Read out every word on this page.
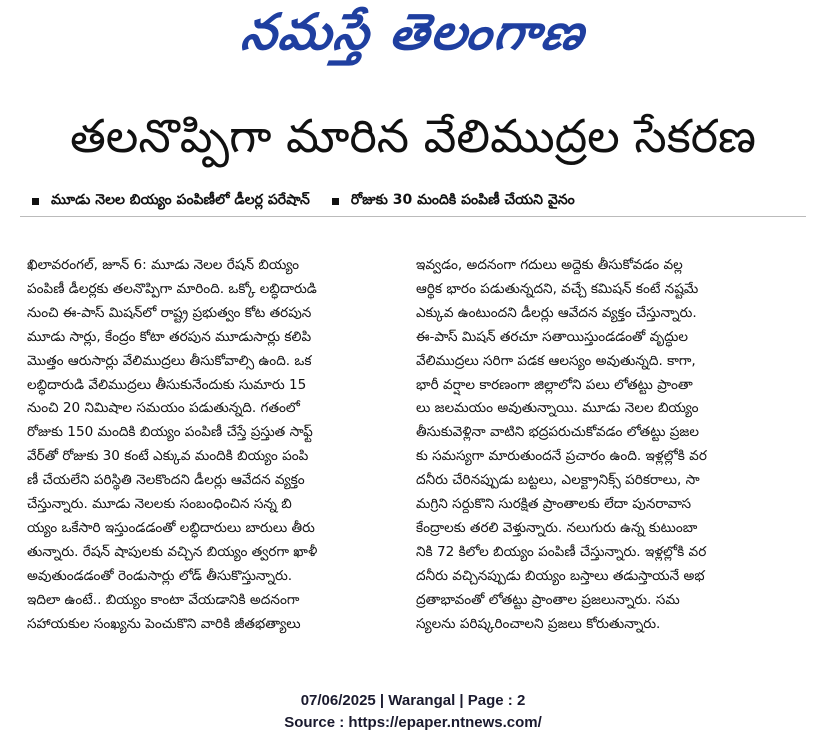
నమస్తే తెలంగాణ
తలనొప్పిగా మారిన వేలిముద్రల సేకరణ
మూడు నెలల బియ్యం పంపిణీలో డీలర్ల పరేషాన్	రోజుకు 30 మందికి పంపిణీ చేయని వైనం

ఖిలావరంగల్, జూన్ 6: మూడు నెలల రేషన్ బియ్యం

పంపిణీ డీలర్లకు తలనొప్పిగా మారింది. ఒక్కో లబ్ధిదారుడి

నుంచి ఈ-పాస్ మిషన్‌లో రాష్ట్ర ప్రభుత్వం కోట తరపున

మూడు సార్లు, కేంద్రం కోటా తరపున మూడుసార్లు కలిపి

మొత్తం ఆరుసార్లు వేలిముద్రలు తీసుకోవాల్సి ఉంది. ఒక

లబ్ధిదారుడి వేలిముద్రలు తీసుకునేందుకు సుమారు 15

నుంచి 20 నిమిషాల సమయం పడుతున్నది. గతంలో

రోజుకు 150 మందికి బియ్యం పంపిణీ చేస్తే ప్రస్తుత సాఫ్ట్

వేర్‌తో రోజుకు 30 కంటే ఎక్కువ మందికి బియ్యం పంపి

ణీ చేయలేని పరిస్థితి నెలకొందని డీలర్లు ఆవేదన వ్యక్తం

చేస్తున్నారు. మూడు నెలలకు సంబంధించిన సన్న బి

య్యం ఒకేసారి ఇస్తుండడంతో లబ్ధిదారులు బారులు తీరు

తున్నారు. రేషన్ షాపులకు వచ్చిన బియ్యం త్వరగా ఖాళీ

అవుతుండడంతో రెండుసార్లు లోడ్ తీసుకొస్తున్నారు.

ఇదిలా ఉంటే.. బియ్యం కాంటా వేయడానికి అదనంగా

సహాయకుల సంఖ్యను పెంచుకొని వారికి జీతభత్యాలు

ఇవ్వడం, అదనంగా గదులు అద్దెకు తీసుకోవడం వల్ల

ఆర్థిక భారం పడుతున్నదని, వచ్చే కమిషన్ కంటే నష్టమే

ఎక్కువ ఉంటుందని డీలర్లు ఆవేదన వ్యక్తం చేస్తున్నారు.

ఈ-పాస్ మిషన్ తరచూ సతాయిస్తుండడంతో వృద్ధుల

వేలిముద్రలు సరిగా పడక ఆలస్యం అవుతున్నది. కాగా,

భారీ వర్షాల కారణంగా జిల్లాలోని పలు లోతట్టు ప్రాంతా

లు జలమయం అవుతున్నాయి. మూడు నెలల బియ్యం

తీసుకువెళ్లినా వాటిని భద్రపరుచుకోవడం లోతట్టు ప్రజల

కు సమస్యగా మారుతుందనే ప్రచారం ఉంది. ఇళ్లల్లోకి వర

దనీరు చేరినప్పుడు బట్టలు, ఎలక్ట్రానిక్స్ పరికరాలు, సా

మగ్రిని సర్దుకొని సురక్షిత ప్రాంతాలకు లేదా పునరావాస

కేంద్రాలకు తరలి వెళ్తున్నారు. నలుగురు ఉన్న కుటుంబా

నికి 72 కిలోల బియ్యం పంపిణీ చేస్తున్నారు. ఇళ్లల్లోకి వర

దనీరు వచ్చినప్పుడు బియ్యం బస్తాలు తడుస్తాయనే అభ

ద్రతాభావంతో లోతట్టు ప్రాంతాల ప్రజలున్నారు. సమ

స్యలను పరిష్కరించాలని ప్రజలు కోరుతున్నారు.

07/06/2025 | Warangal | Page : 2
Source : https://epaper.ntnews.com/
